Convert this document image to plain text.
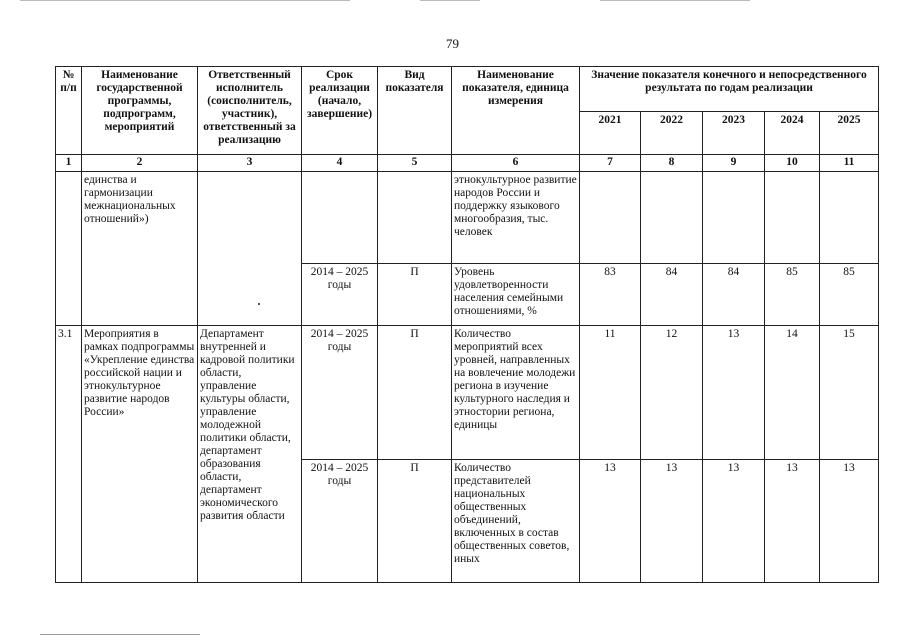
79
№ п/п	Наименование государственной программы, подпрограмм, мероприятий	Ответственный исполнитель (соисполнитель, участник), ответственный за реализацию	Срок реализации (начало, завершение)	Вид показателя	Наименование показателя, единица измерения	Значение показателя конечного и непосредственного результата по годам реализации				
						2021	2022	2023	2024	2025
1	2	3	4	5	6	7	8	9	10	11
	единства и гармонизации межнациональных отношений»)				этнокультурное развитие народов России и поддержку языкового многообразия, тыс. человек					
			2014 – 2025 годы	П	Уровень удовлетворенности населения семейными отношениями, %	83	84	84	85	85
3.1	Мероприятия в рамках подпрограммы «Укрепление единства российской нации и этнокультурное развитие народов России»	Департамент внутренней и кадровой политики области, управление культуры области, управление молодежной политики области, департамент образования области, департамент экономического развития области	2014 – 2025 годы	П	Количество мероприятий всех уровней, направленных на вовлечение молодежи региона в изучение культурного наследия и этностории региона, единицы	11	12	13	14	15
			2014 – 2025 годы	П	Количество представителей национальных общественных объединений, включенных в состав общественных советов, иных	13	13	13	13	13
